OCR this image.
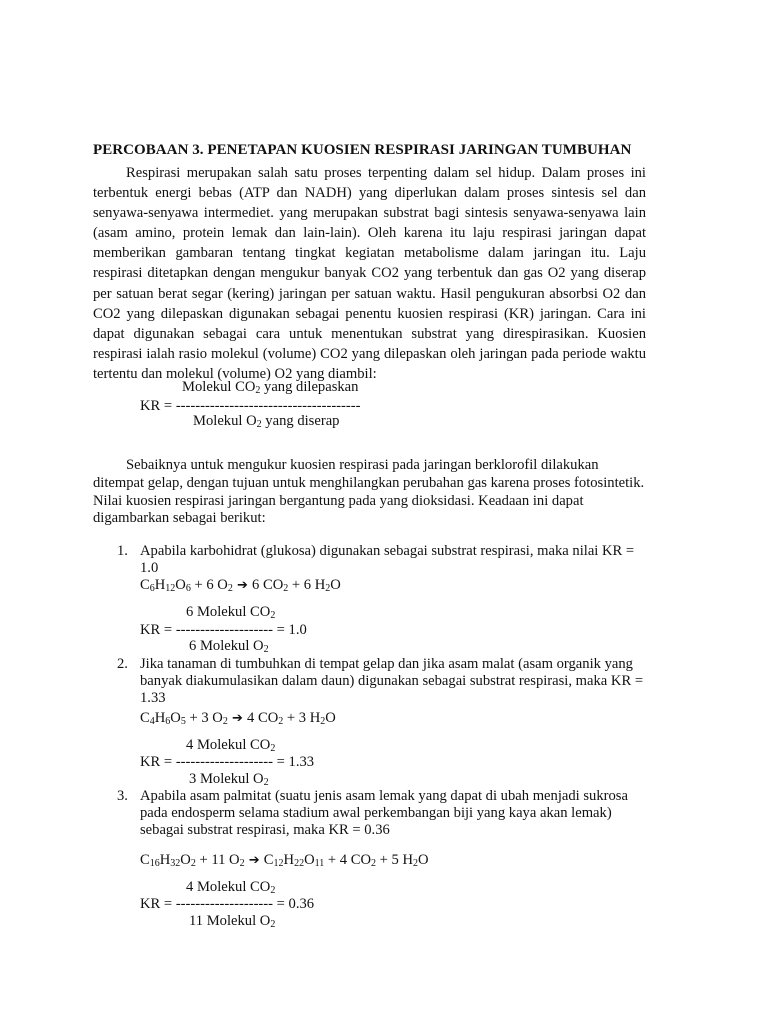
PERCOBAAN 3. PENETAPAN KUOSIEN RESPIRASI JARINGAN TUMBUHAN

Respirasi merupakan salah satu proses terpenting dalam sel hidup. Dalam proses ini terbentuk energi bebas (ATP dan NADH) yang diperlukan dalam proses sintesis sel dan senyawa-senyawa intermediet. yang merupakan substrat bagi sintesis senyawa-senyawa lain (asam amino, protein lemak dan lain-lain). Oleh karena itu laju respirasi jaringan dapat memberikan gambaran tentang tingkat kegiatan metabolisme dalam jaringan itu. Laju respirasi ditetapkan dengan mengukur banyak CO2 yang terbentuk dan gas O2 yang diserap per satuan berat segar (kering) jaringan per satuan waktu. Hasil pengukuran absorbsi O2 dan CO2 yang dilepaskan digunakan sebagai penentu kuosien respirasi (KR) jaringan. Cara ini dapat digunakan sebagai cara untuk menentukan substrat yang direspirasikan. Kuosien respirasi ialah rasio molekul (volume) CO2 yang dilepaskan oleh jaringan pada periode waktu tertentu dan molekul (volume) O2 yang diambil:

Molekul $CO_2$ yang dilepaskan
KR = --------------------------------------
Molekul $O_2$ yang diserap

Sebaiknya untuk mengukur kuosien respirasi pada jaringan berklorofil dilakukan ditempat gelap, dengan tujuan untuk menghilangkan perubahan gas karena proses fotosintetik. Nilai kuosien respirasi jaringan bergantung pada yang dioksidasi. Keadaan ini dapat digambarkan sebagai berikut:

1. Apabila karbohidrat (glukosa) digunakan sebagai substrat respirasi, maka nilai KR = 1.0

$C_6H_{12}O_6 + 6$ $O_2$ ➔ 6 $CO_2 + 6$ $H_2O$
6 Molekul $CO_2$
KR = -------------------- = 1.0
6 Molekul $O_2$
2. Jika tanaman di tumbuhkan di tempat gelap dan jika asam malat (asam organik yang banyak diakumulasikan dalam daun) digunakan sebagai substrat respirasi, maka KR = 1.33

$C_4H_6O_5 + 3$ $O_2$ ➔ 4 $CO_2 + 3$ $H_2O$
4 Molekul $CO_2$
KR = -------------------- = 1.33
3 Molekul $O_2$
3. Apabila asam palmitat (suatu jenis asam lemak yang dapat di ubah menjadi sukrosa pada endosperm selama stadium awal perkembangan biji yang kaya akan lemak) sebagai substrat respirasi, maka KR = 0.36

$C_{16}H_{32}O_2 + 11$ $O_2$ ➔ $C_{12}H_{22}O_{11} + 4$ $CO_2 + 5$ $H_2O$
4 Molekul $CO_2$
KR = -------------------- = 0.36
11 Molekul $O_2$
